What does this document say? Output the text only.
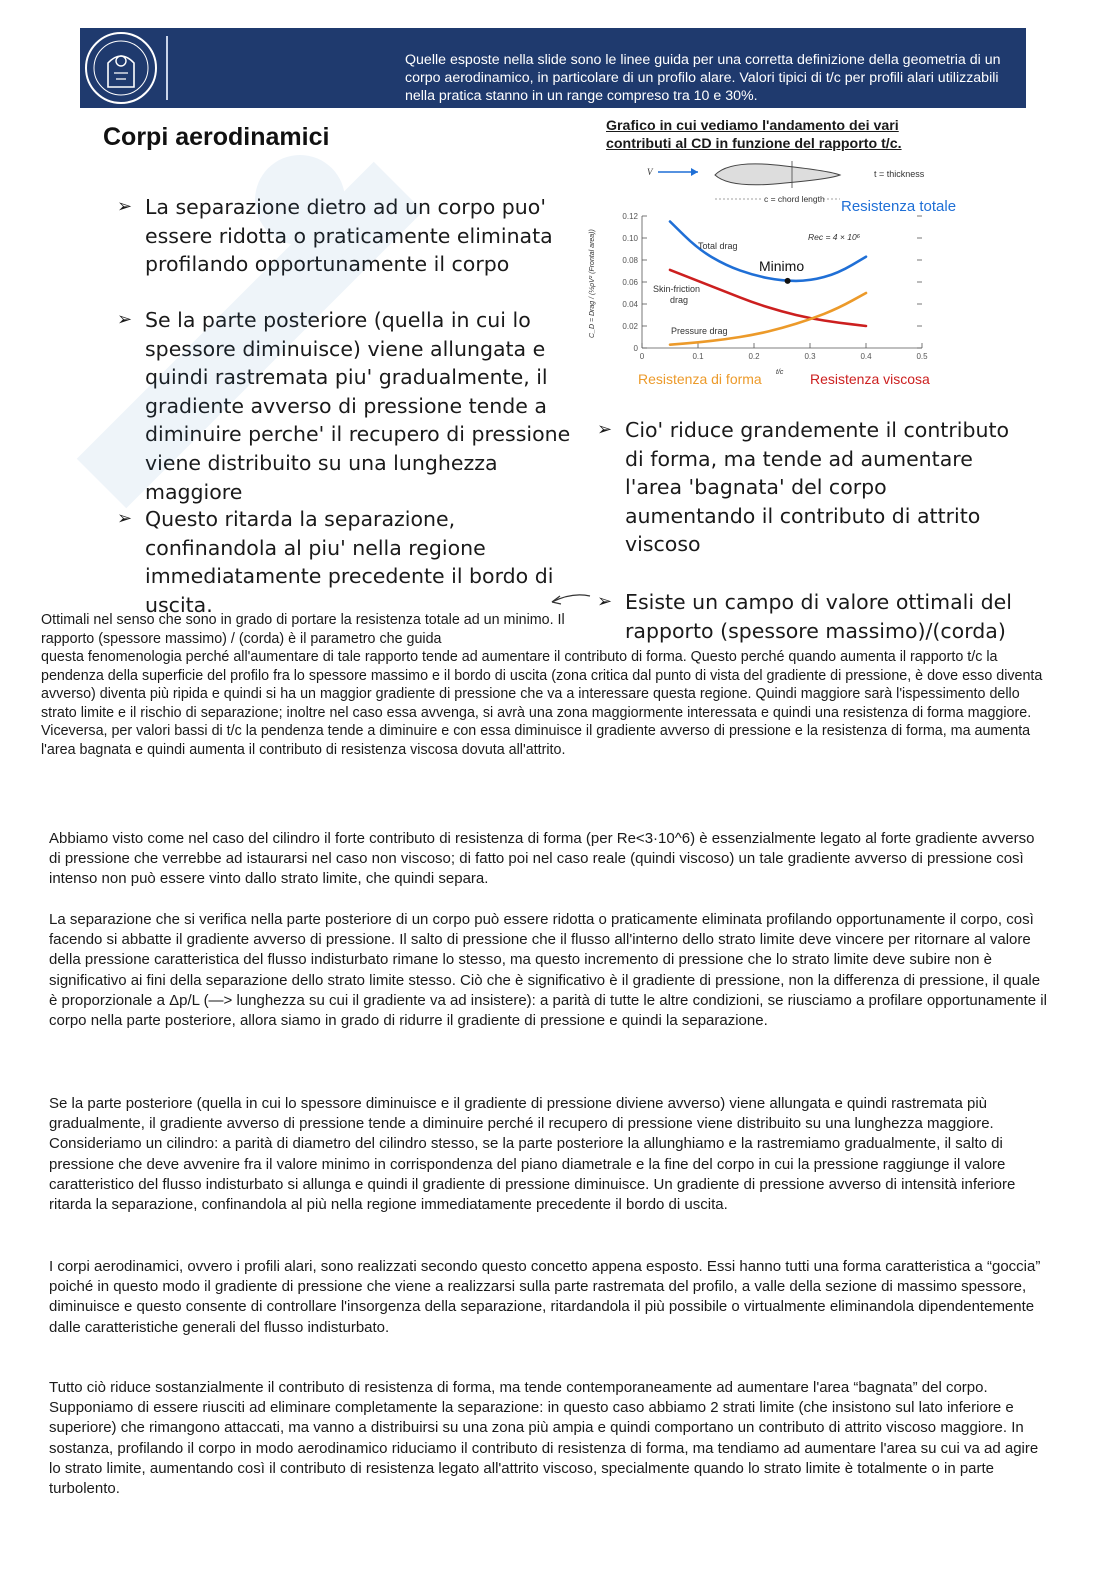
Quelle esposte nella slide sono le linee guida per una corretta definizione della geometria di un corpo aerodinamico, in particolare di un profilo alare. Valori tipici di t/c per profili alari utilizzabili nella pratica stanno in un range compreso tra 10 e 30%.
Corpi aerodinamici
➢ La separazione dietro ad un corpo puo' essere ridotta o praticamente eliminata profilando opportunamente il corpo
➢ Se la parte posteriore (quella in cui lo spessore diminuisce) viene allungata e quindi rastremata piu' gradualmente, il gradiente avverso di pressione tende a diminuire perche' il recupero di pressione viene distribuito su una lunghezza maggiore
➢ Questo ritarda la separazione, confinandola al piu' nella regione immediatamente precedente il bordo di uscita.
➢ Cio' riduce grandemente il contributo di forma, ma tende ad aumentare l'area 'bagnata' del corpo aumentando il contributo di attrito viscoso
➢ Esiste un campo di valore ottimali del rapporto (spessore massimo)/(corda)
Grafico in cui vediamo l'andamento dei vari contributi al CD in funzione del rapporto t/c.
V	t = thickness
c = chord length
0
0.02
0.04
0.06
0.08
0.10
0.12
0	0.1	0.2	0.3	0.4	0.5
Resistenza totale
Rec = 4 × 10⁶
Total drag
Minimo
Skin-friction
drag
Pressure drag
Resistenza di forma	Resistenza viscosa
t/c
C_D = Drag / (½ρV² (Frontal area))
Ottimali nel senso che sono in grado di portare la resistenza totale ad un minimo. Il rapporto (spessore massimo) / (corda) è il parametro che guida
questa fenomenologia perché all'aumentare di tale rapporto tende ad aumentare il contributo di forma. Questo perché quando aumenta il rapporto t/c la pendenza della superficie del profilo fra lo spessore massimo e il bordo di uscita (zona critica dal punto di vista del gradiente di pressione, è dove esso diventa avverso) diventa più ripida e quindi si ha un maggior gradiente di pressione che va a interessare questa regione. Quindi maggiore sarà l'ispessimento dello strato limite e il rischio di separazione; inoltre nel caso essa avvenga, si avrà una zona maggiormente interessata e quindi una resistenza di forma maggiore. Viceversa, per valori bassi di t/c la pendenza tende a diminuire e con essa diminuisce il gradiente avverso di pressione e la resistenza di forma, ma aumenta l'area bagnata e quindi aumenta il contributo di resistenza viscosa dovuta all'attrito.
Abbiamo visto come nel caso del cilindro il forte contributo di resistenza di forma (per Re<3·10^6) è essenzialmente legato al forte gradiente avverso di pressione che verrebbe ad istaurarsi nel caso non viscoso; di fatto poi nel caso reale (quindi viscoso) un tale gradiente avverso di pressione così intenso non può essere vinto dallo strato limite, che quindi separa.
La separazione che si verifica nella parte posteriore di un corpo può essere ridotta o praticamente eliminata profilando opportunamente il corpo, così facendo si abbatte il gradiente avverso di pressione. Il salto di pressione che il flusso all'interno dello strato limite deve vincere per ritornare al valore della pressione caratteristica del flusso indisturbato rimane lo stesso, ma questo incremento di pressione che lo strato limite deve subire non è significativo ai fini della separazione dello strato limite stesso. Ciò che è significativo è il gradiente di pressione, non la differenza di pressione, il quale è proporzionale a Δp/L (—> lunghezza su cui il gradiente va ad insistere): a parità di tutte le altre condizioni, se riusciamo a profilare opportunamente il corpo nella parte posteriore, allora siamo in grado di ridurre il gradiente di pressione e quindi la separazione.
Se la parte posteriore (quella in cui lo spessore diminuisce e il gradiente di pressione diviene avverso) viene allungata e quindi rastremata più gradualmente, il gradiente avverso di pressione tende a diminuire perché il recupero di pressione viene distribuito su una lunghezza maggiore. Consideriamo un cilindro: a parità di diametro del cilindro stesso, se la parte posteriore la allunghiamo e la rastremiamo gradualmente, il salto di pressione che deve avvenire fra il valore minimo in corrispondenza del piano diametrale e la fine del corpo in cui la pressione raggiunge il valore caratteristico del flusso indisturbato si allunga e quindi il gradiente di pressione diminuisce. Un gradiente di pressione avverso di intensità inferiore ritarda la separazione, confinandola al più nella regione immediatamente precedente il bordo di uscita.
I corpi aerodinamici, ovvero i profili alari, sono realizzati secondo questo concetto appena esposto. Essi hanno tutti una forma caratteristica a “goccia” poiché in questo modo il gradiente di pressione che viene a realizzarsi sulla parte rastremata del profilo, a valle della sezione di massimo spessore, diminuisce e questo consente di controllare l'insorgenza della separazione, ritardandola il più possibile o virtualmente eliminandola dipendentemente dalle caratteristiche generali del flusso indisturbato.
Tutto ciò riduce sostanzialmente il contributo di resistenza di forma, ma tende contemporaneamente ad aumentare l'area “bagnata” del corpo. Supponiamo di essere riusciti ad eliminare completamente la separazione: in questo caso abbiamo 2 strati limite (che insistono sul lato inferiore e superiore) che rimangono attaccati, ma vanno a distribuirsi su una zona più ampia e quindi comportano un contributo di attrito viscoso maggiore. In sostanza, profilando il corpo in modo aerodinamico riduciamo il contributo di resistenza di forma, ma tendiamo ad aumentare l'area su cui va ad agire lo strato limite, aumentando così il contributo di resistenza legato all'attrito viscoso, specialmente quando lo strato limite è totalmente o in parte turbolento.
